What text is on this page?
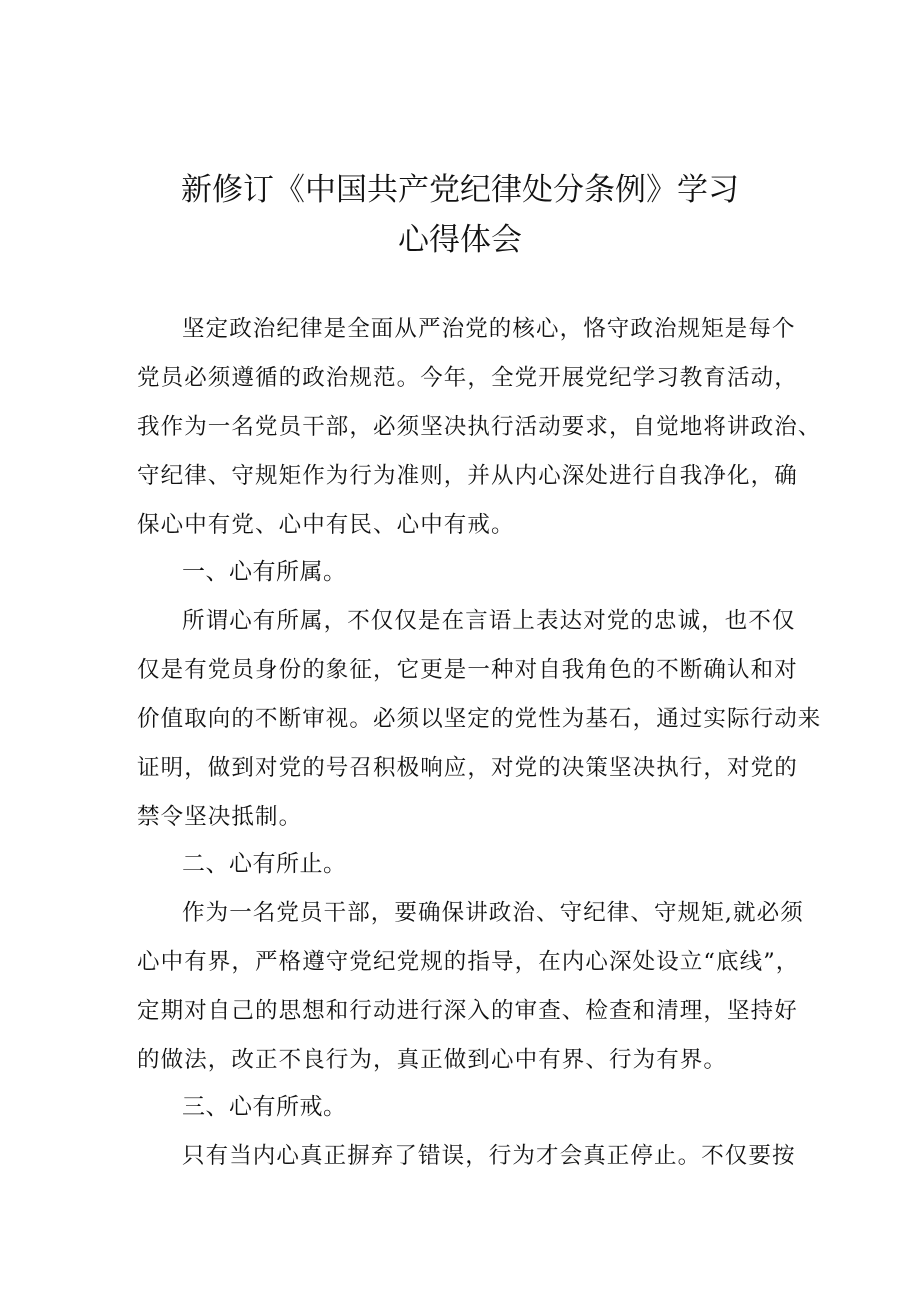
新修订《中国共产党纪律处分条例》学习
心得体会
坚定政治纪律是全面从严治党的核心，恪守政治规矩是每个
党员必须遵循的政治规范。今年，全党开展党纪学习教育活动，
我作为一名党员干部，必须坚决执行活动要求，自觉地将讲政治、
守纪律、守规矩作为行为准则，并从内心深处进行自我净化，确
保心中有党、心中有民、心中有戒。
一、心有所属。
所谓心有所属，不仅仅是在言语上表达对党的忠诚，也不仅
仅是有党员身份的象征，它更是一种对自我角色的不断确认和对
价值取向的不断审视。必须以坚定的党性为基石，通过实际行动来
证明，做到对党的号召积极响应，对党的决策坚决执行，对党的
禁令坚决抵制。
二、心有所止。
作为一名党员干部，要确保讲政治、守纪律、守规矩,就必须
心中有界，严格遵守党纪党规的指导，在内心深处设立“底线”，
定期对自己的思想和行动进行深入的审查、检查和清理，坚持好
的做法，改正不良行为，真正做到心中有界、行为有界。
三、心有所戒。
只有当内心真正摒弃了错误，行为才会真正停止。不仅要按
